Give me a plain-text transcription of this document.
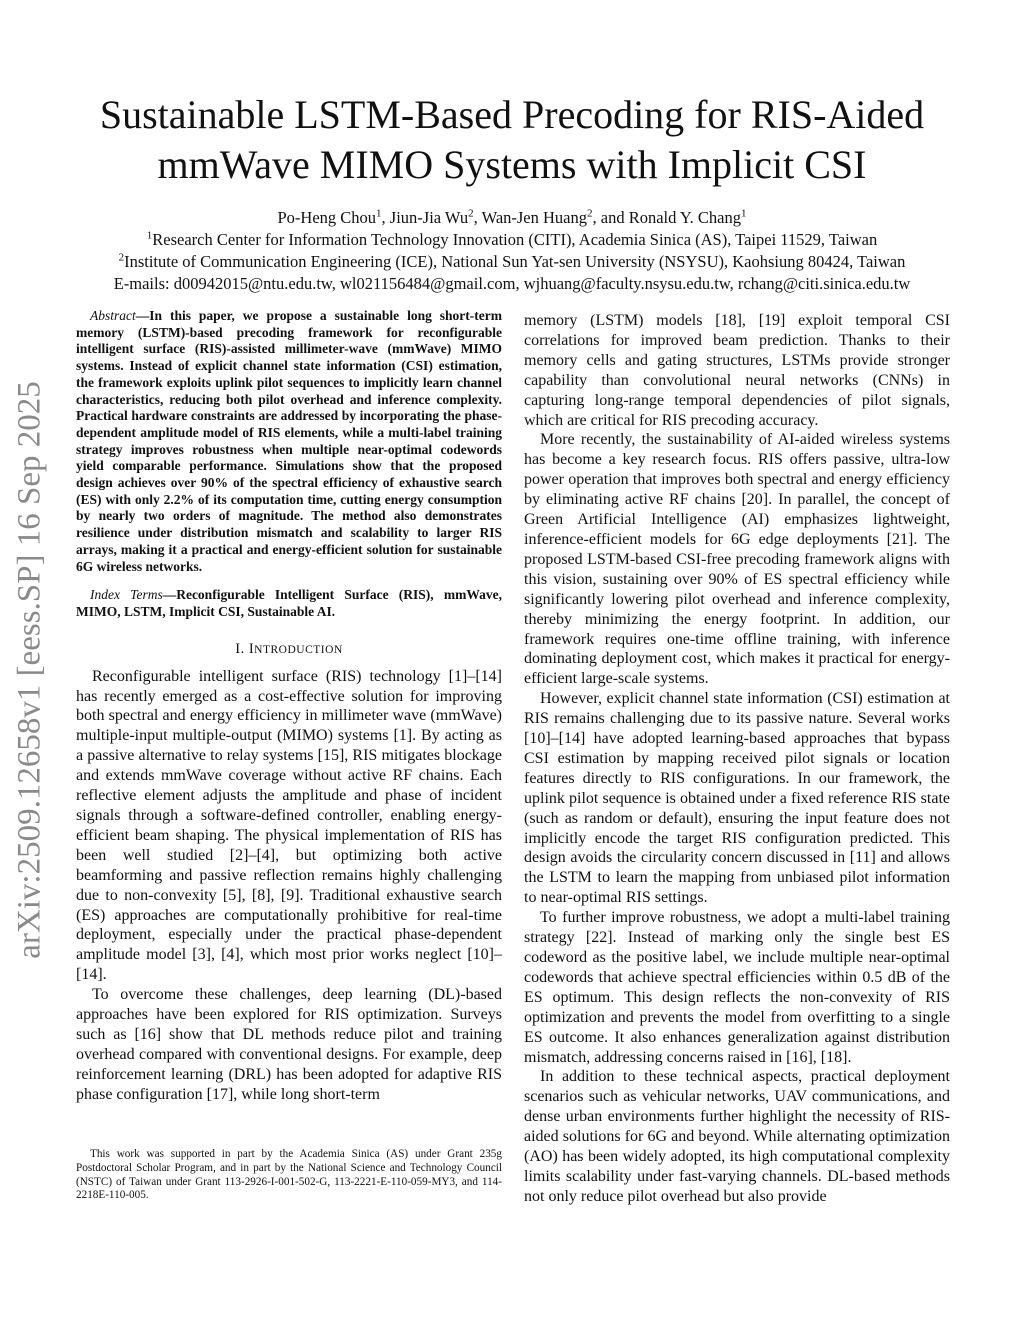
arXiv:2509.12658v1 [eess.SP] 16 Sep 2025
Sustainable LSTM-Based Precoding for RIS-Aided
mmWave MIMO Systems with Implicit CSI
Po-Heng Chou$^1$, Jiun-Jia Wu$^2$, Wan-Jen Huang$^2$, and Ronald Y. Chang$^1$
$^1$Research Center for Information Technology Innovation (CITI), Academia Sinica (AS), Taipei 11529, Taiwan
$^2$Institute of Communication Engineering (ICE), National Sun Yat-sen University (NSYSU), Kaohsiung 80424, Taiwan
E-mails: d00942015@ntu.edu.tw, wl021156484@gmail.com, wjhuang@faculty.nsysu.edu.tw, rchang@citi.sinica.edu.tw

Abstract—In this paper, we propose a sustainable long short-term memory (LSTM)-based precoding framework for reconfigurable intelligent surface (RIS)-assisted millimeter-wave (mmWave) MIMO systems. Instead of explicit channel state information (CSI) estimation, the framework exploits uplink pilot sequences to implicitly learn channel characteristics, reducing both pilot overhead and inference complexity. Practical hardware constraints are addressed by incorporating the phase-dependent amplitude model of RIS elements, while a multi-label training strategy improves robustness when multiple near-optimal codewords yield comparable performance. Simulations show that the proposed design achieves over 90% of the spectral efficiency of exhaustive search (ES) with only 2.2% of its computation time, cutting energy consumption by nearly two orders of magnitude. The method also demonstrates resilience under distribution mismatch and scalability to larger RIS arrays, making it a practical and energy-efficient solution for sustainable 6G wireless networks.

Index Terms—Reconfigurable Intelligent Surface (RIS), mmWave, MIMO, LSTM, Implicit CSI, Sustainable AI.

I. INTRODUCTION

Reconfigurable intelligent surface (RIS) technology [1]–[14] has recently emerged as a cost-effective solution for improving both spectral and energy efficiency in millimeter wave (mmWave) multiple-input multiple-output (MIMO) systems [1]. By acting as a passive alternative to relay systems [15], RIS mitigates blockage and extends mmWave coverage without active RF chains. Each reflective element adjusts the amplitude and phase of incident signals through a software-defined controller, enabling energy-efficient beam shaping. The physical implementation of RIS has been well studied [2]–[4], but optimizing both active beamforming and passive reflection remains highly challenging due to non-convexity [5], [8], [9]. Traditional exhaustive search (ES) approaches are computationally prohibitive for real-time deployment, especially under the practical phase-dependent amplitude model [3], [4], which most prior works neglect [10]–[14].

To overcome these challenges, deep learning (DL)-based approaches have been explored for RIS optimization. Surveys such as [16] show that DL methods reduce pilot and training overhead compared with conventional designs. For example, deep reinforcement learning (DRL) has been adopted for adaptive RIS phase configuration [17], while long short-term

This work was supported in part by the Academia Sinica (AS) under Grant 235g Postdoctoral Scholar Program, and in part by the National Science and Technology Council (NSTC) of Taiwan under Grant 113-2926-I-001-502-G, 113-2221-E-110-059-MY3, and 114-2218E-110-005.

memory (LSTM) models [18], [19] exploit temporal CSI correlations for improved beam prediction. Thanks to their memory cells and gating structures, LSTMs provide stronger capability than convolutional neural networks (CNNs) in capturing long-range temporal dependencies of pilot signals, which are critical for RIS precoding accuracy.

More recently, the sustainability of AI-aided wireless systems has become a key research focus. RIS offers passive, ultra-low power operation that improves both spectral and energy efficiency by eliminating active RF chains [20]. In parallel, the concept of Green Artificial Intelligence (AI) emphasizes lightweight, inference-efficient models for 6G edge deployments [21]. The proposed LSTM-based CSI-free precoding framework aligns with this vision, sustaining over 90% of ES spectral efficiency while significantly lowering pilot overhead and inference complexity, thereby minimizing the energy footprint. In addition, our framework requires one-time offline training, with inference dominating deployment cost, which makes it practical for energy-efficient large-scale systems.

However, explicit channel state information (CSI) estimation at RIS remains challenging due to its passive nature. Several works [10]–[14] have adopted learning-based approaches that bypass CSI estimation by mapping received pilot signals or location features directly to RIS configurations. In our framework, the uplink pilot sequence is obtained under a fixed reference RIS state (such as random or default), ensuring the input feature does not implicitly encode the target RIS configuration predicted. This design avoids the circularity concern discussed in [11] and allows the LSTM to learn the mapping from unbiased pilot information to near-optimal RIS settings.

To further improve robustness, we adopt a multi-label training strategy [22]. Instead of marking only the single best ES codeword as the positive label, we include multiple near-optimal codewords that achieve spectral efficiencies within 0.5 dB of the ES optimum. This design reflects the non-convexity of RIS optimization and prevents the model from overfitting to a single ES outcome. It also enhances generalization against distribution mismatch, addressing concerns raised in [16], [18].

In addition to these technical aspects, practical deployment scenarios such as vehicular networks, UAV communications, and dense urban environments further highlight the necessity of RIS-aided solutions for 6G and beyond. While alternating optimization (AO) has been widely adopted, its high computational complexity limits scalability under fast-varying channels. DL-based methods not only reduce pilot overhead but also provide
